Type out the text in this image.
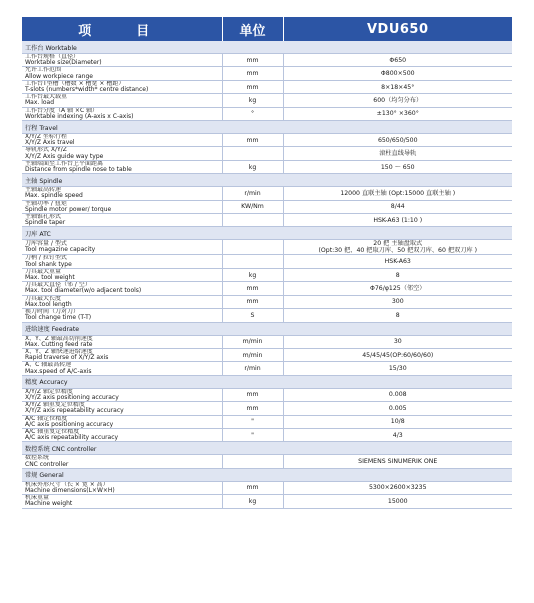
项　目	单位	VDU650
工作台 Worktable		

工作台规格（直径）
Worktable size(Diameter)	mm	Φ650

允许工作范围
Allow workpiece range	mm	Φ800×500

工作台T型槽（槽数 × 槽宽 × 槽距）
T-slots (numbers*width* centre distance)	mm	8×18×45°

工作台最大载重
Max. load	kg	600（均匀分布）

工作台分度（A 轴 ×C 轴）
Worktable indexing (A-axis x C-axis)	°	±130° ×360°

行程 Travel		

X/Y/Z 坐标行程
X/Y/Z Axis travel	mm	650/650/500

导轨形式 X/Y/Z
X/Y/Z Axis guide way type		滚柱直线导轨

主轴端面至工作台上平面距离
Distance from spindle nose to table	kg	150 ～ 650

主轴 Spindle		

主轴最高转速
Max. spindle speed	r/min	12000 直联主轴 (Opt:15000 直联主轴 )

主轴功率 / 扭矩
Spindle motor power/ torque	KW/Nm	8/44

主轴锥孔形式
Spindle taper		HSK-A63 (1:10 )

刀库 ATC		

刀库容量 / 型式
Tool magazine capacity		20 把 主轴盘取式
(Opt:30 把、40 把取刀库、50 把双刀库、60 把双刀库 )

刀柄 / 拉钉型式
Tool shank type		HSK-A63

刀具最大重量
Max. tool weight	kg	8

刀具最大直径（邻 / 空）
Max. tool diameter(w/o adjacent tools)	mm	Φ76/φ125（邻空）

刀具最大长度
Max.tool length	mm	300

换刀时间（刀对刀）
Tool change time (T-T)	S	8

进给速度 Feedrate		

X、Y、Z 轴最高切削速度
Max. Cutting feed rate	m/min	30

X、Y、Z 轴快速进给速度
Rapid traverse of X/Y/Z axis	m/min	45/45/45(OP:60/60/60)

A、C 轴最高转速
Max.speed of A/C-axis	r/min	15/30

精度 Accuracy		

X/Y/Z 轴定位精度
X/Y/Z axis positioning accuracy	mm	0.008

X/Y/Z 轴重复定位精度
X/Y/Z axis repeatability accuracy	mm	0.005

A/C 轴定位精度
A/C axis positioning accuracy	"	10/8

A/C 轴重复定位精度
A/C axis repeatability accuracy	"	4/3

数控系统 CNC controller		

数控系统
CNC controller		SIEMENS SINUMERIK ONE

常规 General		

机床外形尺寸（长 × 宽 × 高）
Machine dimensions(L×W×H)	mm	5300×2600×3235

机床重量
Machine weight	kg	15000
